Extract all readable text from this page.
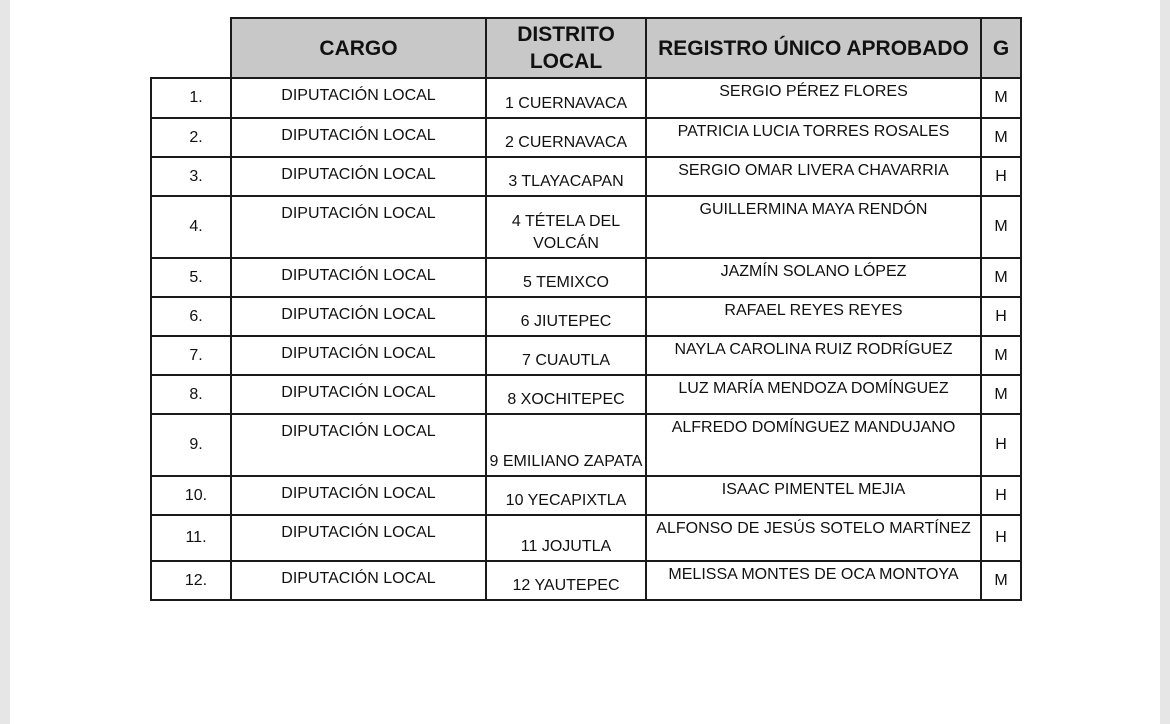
	CARGO	DISTRITO LOCAL	REGISTRO ÚNICO APROBADO	G
1.	DIPUTACIÓN LOCAL	1 CUERNAVACA	SERGIO PÉREZ FLORES	M
2.	DIPUTACIÓN LOCAL	2 CUERNAVACA	PATRICIA LUCIA TORRES ROSALES	M
3.	DIPUTACIÓN LOCAL	3 TLAYACAPAN	SERGIO OMAR LIVERA CHAVARRIA	H
4.	DIPUTACIÓN LOCAL	4 TÉTELA DEL VOLCÁN	GUILLERMINA MAYA RENDÓN	M
5.	DIPUTACIÓN LOCAL	5 TEMIXCO	JAZMÍN SOLANO LÓPEZ	M
6.	DIPUTACIÓN LOCAL	6 JIUTEPEC	RAFAEL REYES REYES	H
7.	DIPUTACIÓN LOCAL	7 CUAUTLA	NAYLA CAROLINA RUIZ RODRÍGUEZ	M
8.	DIPUTACIÓN LOCAL	8 XOCHITEPEC	LUZ MARÍA MENDOZA DOMÍNGUEZ	M
9.	DIPUTACIÓN LOCAL	9 EMILIANO ZAPATA	ALFREDO DOMÍNGUEZ MANDUJANO	H
10.	DIPUTACIÓN LOCAL	10 YECAPIXTLA	ISAAC PIMENTEL MEJIA	H
11.	DIPUTACIÓN LOCAL	11 JOJUTLA	ALFONSO DE JESÚS SOTELO MARTÍNEZ	H
12.	DIPUTACIÓN LOCAL	12 YAUTEPEC	MELISSA MONTES DE OCA MONTOYA	M
